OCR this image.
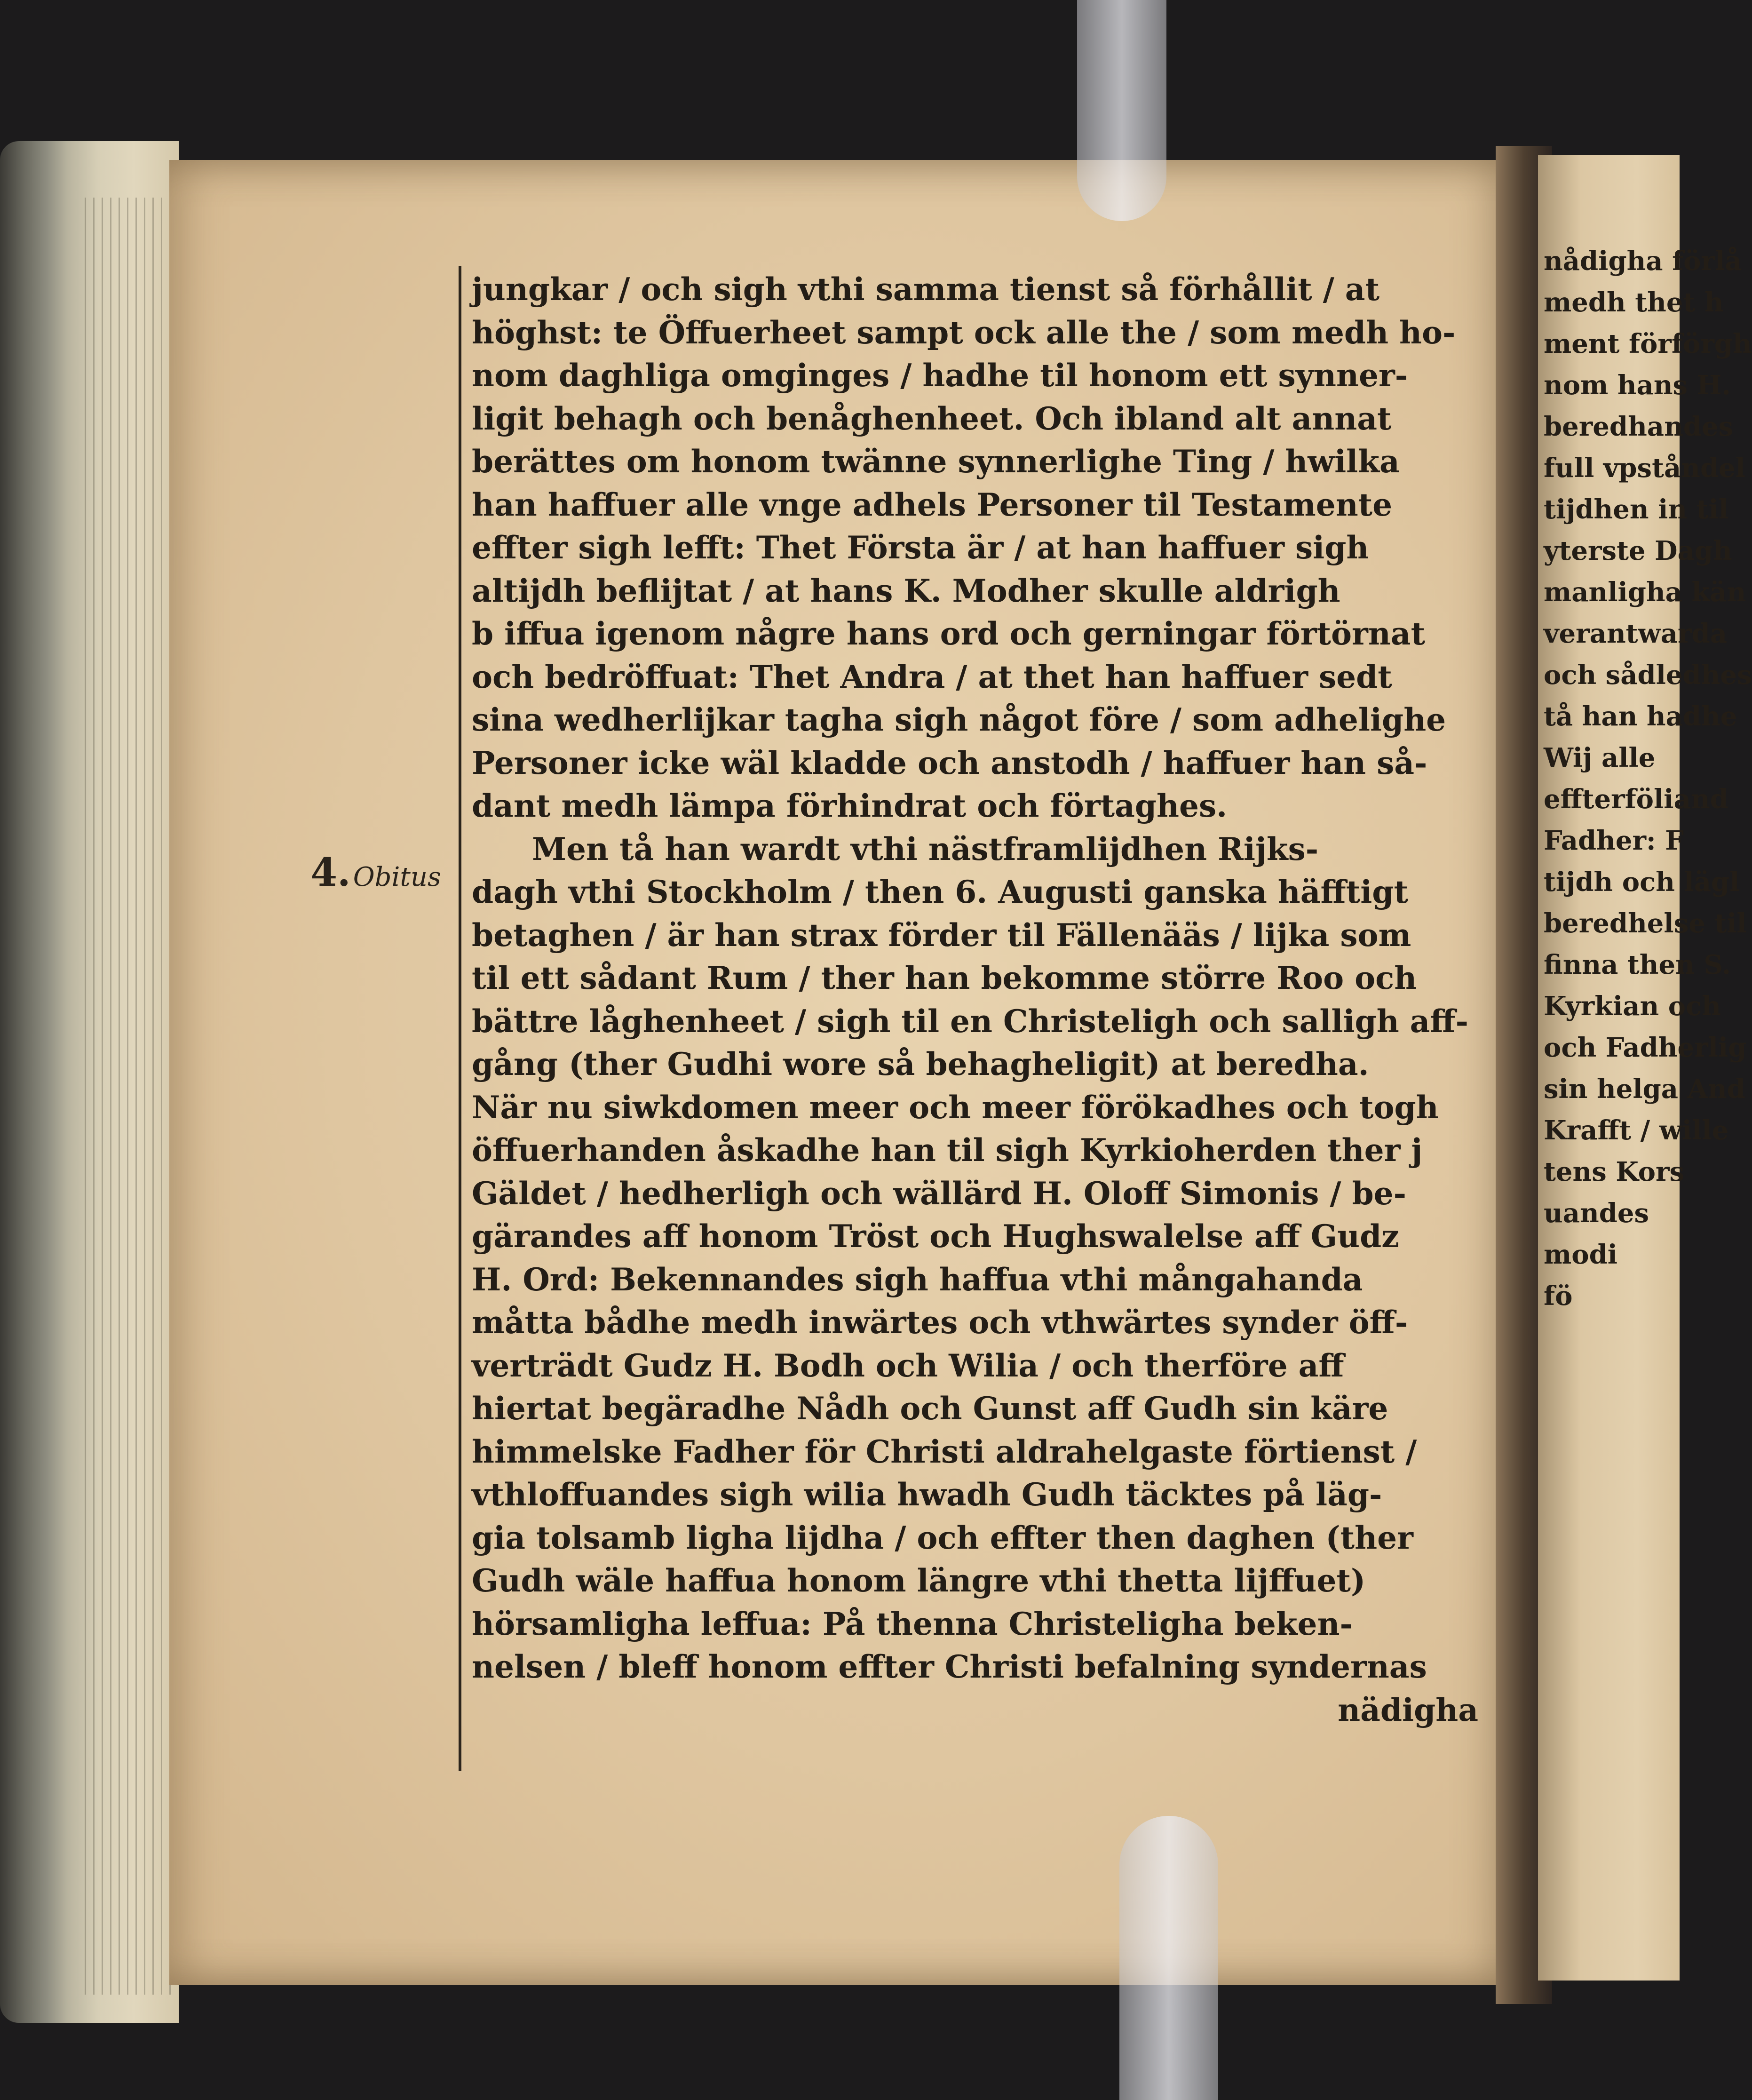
nådigha förlå
medh thet h
ment förförgh
nom hans H.
beredhandes
full vpståndel
tijdhen in til
yterste Dagh
manligha kän
verantwarda
och sådledhes
tå han hadhe
Wij alle
effterföliand
Fadher: F
tijdh och lägl
beredhelse til
finna then S.
Kyrkian och
och Fadherlig
sin helga And
Krafft / wille
tens Kors
uandes
modi
fö
4. Obitus
jungkar / och sigh vthi samma tienst så förhållit / at
höghst: te Öffuerheet sampt ock alle the / som medh ho-
nom daghliga omginges / hadhe til honom ett synner-
ligit behagh och benåghenheet. Och ibland alt annat
berättes om honom twänne synnerlighe Ting / hwilka
han haffuer alle vnge adhels Personer til Testamente
effter sigh lefft: Thet Första är / at han haffuer sigh
altijdh beflijtat / at hans K. Modher skulle aldrigh
b iffua igenom någre hans ord och gerningar förtörnat
och bedröffuat: Thet Andra / at thet han haffuer sedt
sina wedherlijkar tagha sigh något före / som adhelighe
Personer icke wäl kladde och anstodh / haffuer han så-
dant medh lämpa förhindrat och förtaghes.
Men tå han wardt vthi nästframlijdhen Rijks-
dagh vthi Stockholm / then 6. Augusti ganska häfftigt
betaghen / är han strax förder til Fällenääs / lijka som
til ett sådant Rum / ther han bekomme större Roo och
bättre låghenheet / sigh til en Christeligh och salligh aff-
gång (ther Gudhi wore så behagheligit) at beredha.
När nu siwkdomen meer och meer förökadhes och togh
öffuerhanden åskadhe han til sigh Kyrkioherden ther j
Gäldet / hedherligh och wällärd H. Oloff Simonis / be-
gärandes aff honom Tröst och Hughswalelse aff Gudz
H. Ord: Bekennandes sigh haffua vthi mångahanda
måtta bådhe medh inwärtes och vthwärtes synder öff-
verträdt Gudz H. Bodh och Wilia / och therföre aff
hiertat begäradhe Nådh och Gunst aff Gudh sin käre
himmelske Fadher för Christi aldrahelgaste förtienst /
vthloffuandes sigh wilia hwadh Gudh täcktes på läg-
gia tolsamb ligha lijdha / och effter then daghen (ther
Gudh wäle haffua honom längre vthi thetta lijffuet)
hörsamligha leffua: På thenna Christeligha beken-
nelsen / bleff honom effter Christi befalning syndernas
nädigha
